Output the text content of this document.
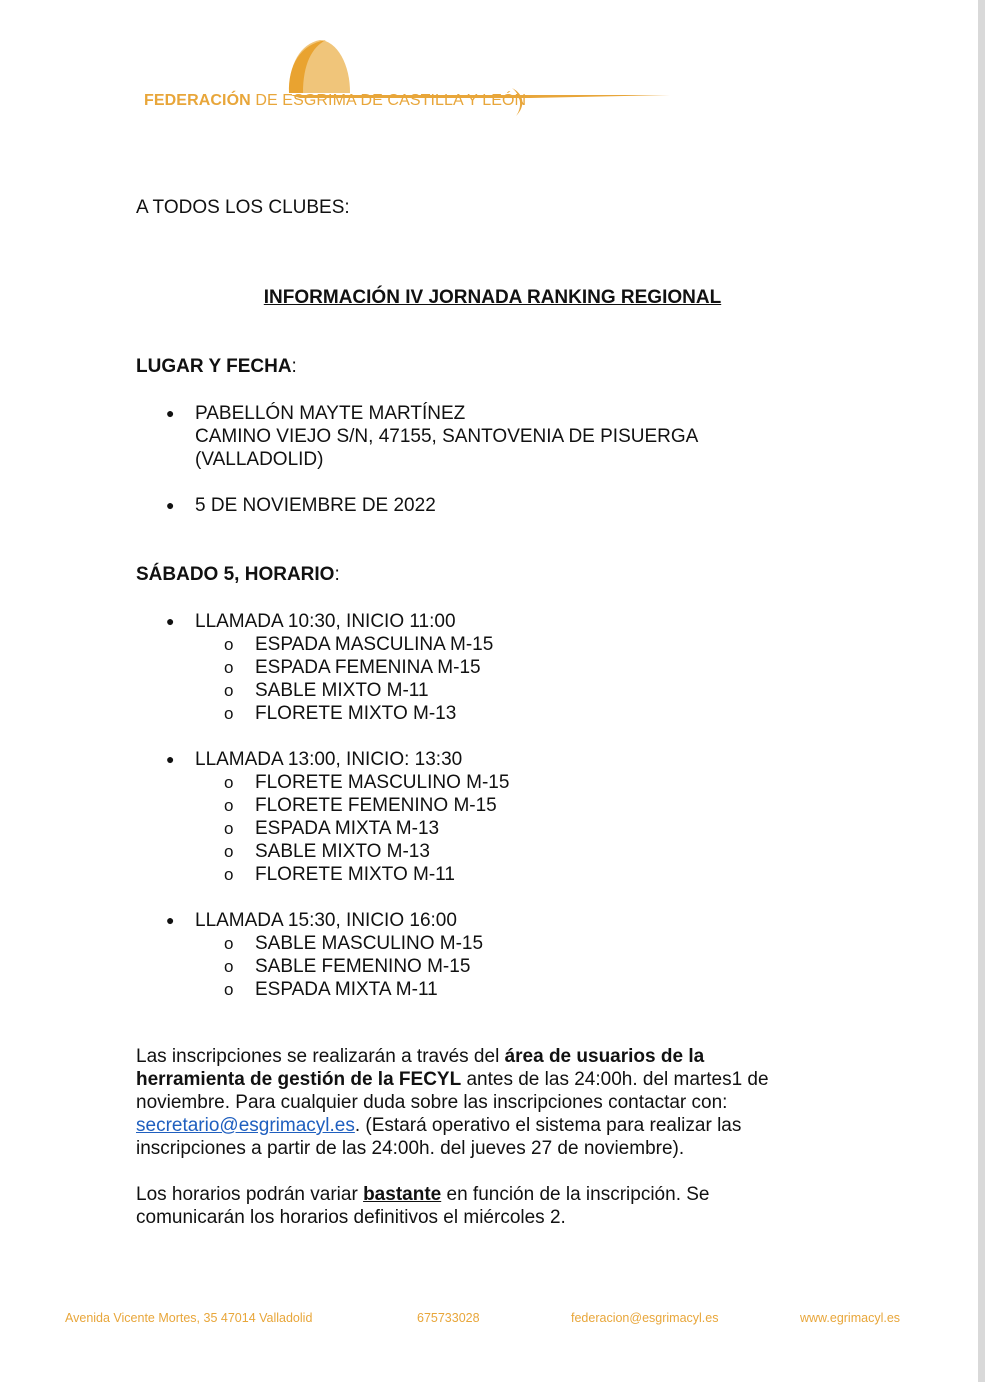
FEDERACIÓN DE ESGRIMA DE CASTILLA Y LEÓN
A TODOS LOS CLUBES:
INFORMACIÓN IV JORNADA RANKING REGIONAL
LUGAR Y FECHA:
● PABELLÓN MAYTE MARTÍNEZ
CAMINO VIEJO S/N, 47155, SANTOVENIA DE PISUERGA
(VALLADOLID)
● 5 DE NOVIEMBRE DE 2022
SÁBADO 5, HORARIO:
● LLAMADA 10:30, INICIO 11:00
o ESPADA MASCULINA M-15
o ESPADA FEMENINA M-15
o SABLE MIXTO M-11
o FLORETE MIXTO M-13
● LLAMADA 13:00, INICIO: 13:30
o FLORETE MASCULINO M-15
o FLORETE FEMENINO M-15
o ESPADA MIXTA M-13
o SABLE MIXTO M-13
o FLORETE MIXTO M-11
● LLAMADA 15:30, INICIO 16:00
o SABLE MASCULINO M-15
o SABLE FEMENINO M-15
o ESPADA MIXTA M-11
Las inscripciones se realizarán a través del área de usuarios de la
herramienta de gestión de la FECYL antes de las 24:00h. del martes1 de
noviembre. Para cualquier duda sobre las inscripciones contactar con:
secretario@esgrimacyl.es. (Estará operativo el sistema para realizar las
inscripciones a partir de las 24:00h. del jueves 27 de noviembre).
Los horarios podrán variar bastante en función de la inscripción. Se
comunicarán los horarios definitivos el miércoles 2.
Avenida Vicente Mortes, 35 47014 Valladolid	675733028	federacion@esgrimacyl.es	www.egrimacyl.es
